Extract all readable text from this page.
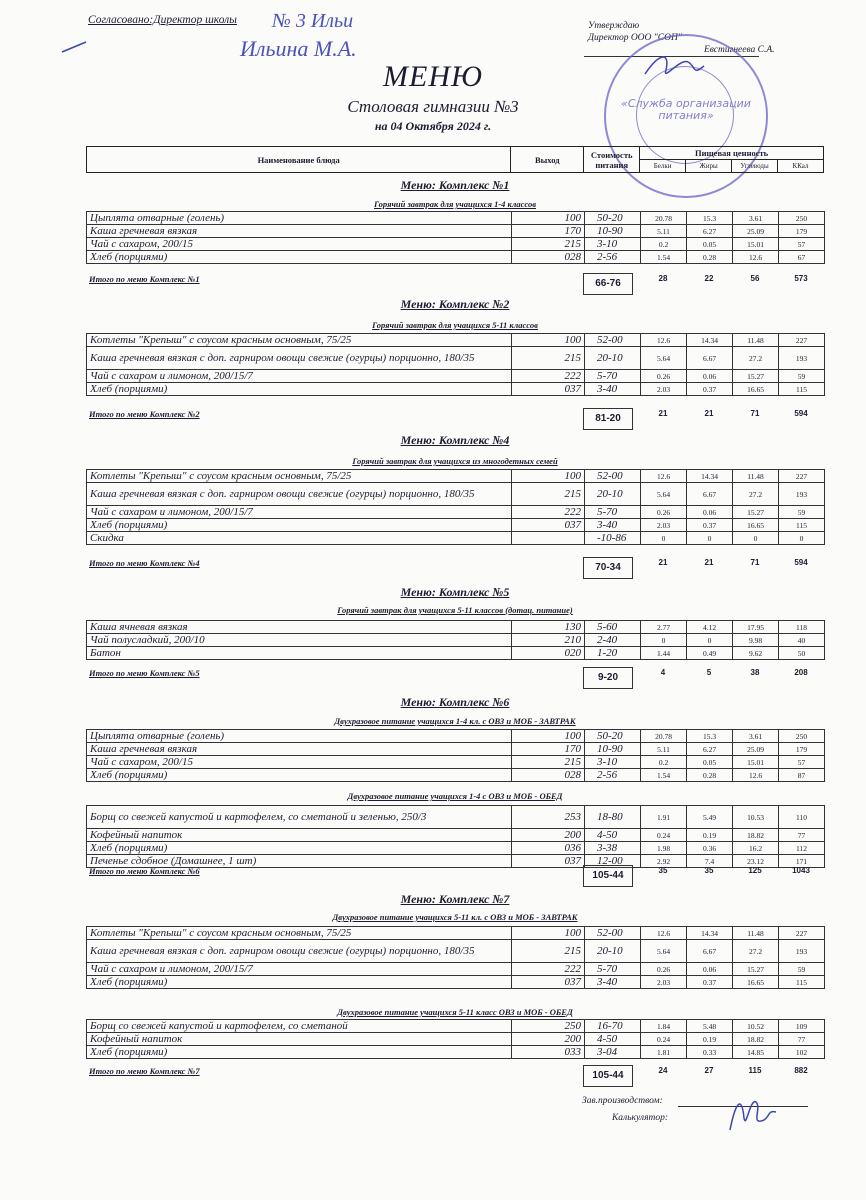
Согласовано:Директор школы № 3 Ильи
Ильина М.А.
Утверждаю
Директор ООО "СОП"
Евстигнеева С.А.
«Служба организации питания»
МЕНЮ
Столовая гимназии №3
на 04 Октября 2024 г.
Наименование блюда	Выход	Стоимость питания	Пищевая ценность			
			Белки	Жиры	Углеводы	ККал
Меню: Комплекс №1
Горячий завтрак для учащихся 1-4 классов
Цыплята отварные (голень)	100	50-20	20.78	15.3	3.61	250
Каша гречневая вязкая	170	10-90	5.11	6.27	25.09	179
Чай с сахаром, 200/15	215	3-10	0.2	0.05	15.01	57
Хлеб (порциями)	028	2-56	1.54	0.28	12.6	67
Итого по меню Комплекс №1	66-76	28	22	56	573
Меню: Комплекс №2
Горячий завтрак для учащихся 5-11 классов
Котлеты "Крепыш" с соусом красным основным, 75/25	100	52-00	12.6	14.34	11.48	227
Каша гречневая вязкая с доп. гарниром овощи свежие (огурцы) порционно, 180/35	215	20-10	5.64	6.67	27.2	193
Чай с сахаром и лимоном, 200/15/7	222	5-70	0.26	0.06	15.27	59
Хлеб (порциями)	037	3-40	2.03	0.37	16.65	115
Итого по меню Комплекс №2	81-20	21	21	71	594
Меню: Комплекс №4
Горячий завтрак для учащихся из многодетных семей
Котлеты "Крепыш" с соусом красным основным, 75/25	100	52-00	12.6	14.34	11.48	227
Каша гречневая вязкая с доп. гарниром овощи свежие (огурцы) порционно, 180/35	215	20-10	5.64	6.67	27.2	193
Чай с сахаром и лимоном, 200/15/7	222	5-70	0.26	0.06	15.27	59
Хлеб (порциями)	037	3-40	2.03	0.37	16.65	115
Скидка		-10-86	0	0	0	0
Итого по меню Комплекс №4	70-34	21	21	71	594
Меню: Комплекс №5
Горячий завтрак для учащихся 5-11 классов (дотац. питание)
Каша ячневая вязкая	130	5-60	2.77	4.12	17.95	118
Чай полусладкий, 200/10	210	2-40	0	0	9.98	40
Батон	020	1-20	1.44	0.49	9.62	50
Итого по меню Комплекс №5	9-20	4	5	38	208
Меню: Комплекс №6
Двухразовое питание учащихся 1-4 кл. с ОВЗ и МОБ - ЗАВТРАК
Цыплята отварные (голень)	100	50-20	20.78	15.3	3.61	250
Каша гречневая вязкая	170	10-90	5.11	6.27	25.09	179
Чай с сахаром, 200/15	215	3-10	0.2	0.05	15.01	57
Хлеб (порциями)	028	2-56	1.54	0.28	12.6	87
Двухразовое питание учащихся 1-4 с ОВЗ и МОБ - ОБЕД
Борщ со свежей капустой и картофелем, со сметаной и зеленью, 250/3	253	18-80	1.91	5.49	10.53	110
Кофейный напиток	200	4-50	0.24	0.19	18.82	77
Хлеб (порциями)	036	3-38	1.98	0.36	16.2	112
Печенье сдобное (Домашнее, 1 шт)	037	12-00	2.92	7.4	23.12	171
Итого по меню Комплекс №6	105-44	35	35	125	1043
Меню: Комплекс №7
Двухразовое питание учащихся 5-11 кл. с ОВЗ и МОБ - ЗАВТРАК
Котлеты "Крепыш" с соусом красным основным, 75/25	100	52-00	12.6	14.34	11.48	227
Каша гречневая вязкая с доп. гарниром овощи свежие (огурцы) порционно, 180/35	215	20-10	5.64	6.67	27.2	193
Чай с сахаром и лимоном, 200/15/7	222	5-70	0.26	0.06	15.27	59
Хлеб (порциями)	037	3-40	2.03	0.37	16.65	115
Двухразовое питание учащихся 5-11 класс ОВЗ и МОБ - ОБЕД
Борщ со свежей капустой и картофелем, со сметаной	250	16-70	1.84	5.48	10.52	109
Кофейный напиток	200	4-50	0.24	0.19	18.82	77
Хлеб (порциями)	033	3-04	1.81	0.33	14.85	102
Итого по меню Комплекс №7	105-44	24	27	115	882
Зав.производством:
Калькулятор:
